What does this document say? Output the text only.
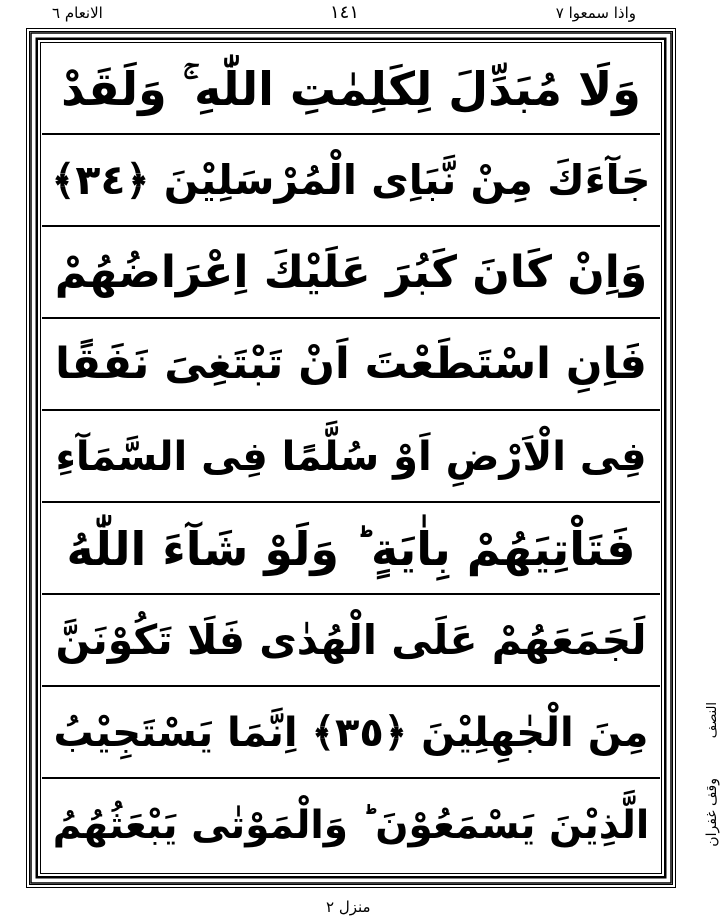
واذا سمعوا ٧
١٤١
الانعام ٦
وَلَا مُبَدِّلَ لِكَلِمٰتِ اللّٰهِ ۚ وَلَقَدْ
جَآءَكَ مِنْ نَّبَاِی الْمُرْسَلِيْنَ ﴿٣٤﴾
وَاِنْ كَانَ كَبُرَ عَلَيْكَ اِعْرَاضُهُمْ
فَاِنِ اسْتَطَعْتَ اَنْ تَبْتَغِیَ نَفَقًا
فِی الْاَرْضِ اَوْ سُلَّمًا فِی السَّمَآءِ
فَتَاْتِيَهُمْ بِاٰيَةٍ ؕ وَلَوْ شَآءَ اللّٰهُ
لَجَمَعَهُمْ عَلَی الْهُدٰی فَلَا تَكُوْنَنَّ
مِنَ الْجٰهِلِيْنَ ﴿٣٥﴾ اِنَّمَا يَسْتَجِيْبُ
الَّذِيْنَ يَسْمَعُوْنَ ؕ وَالْمَوْتٰی يَبْعَثُهُمُ
النصف
وقف غفران
منزل ٢
